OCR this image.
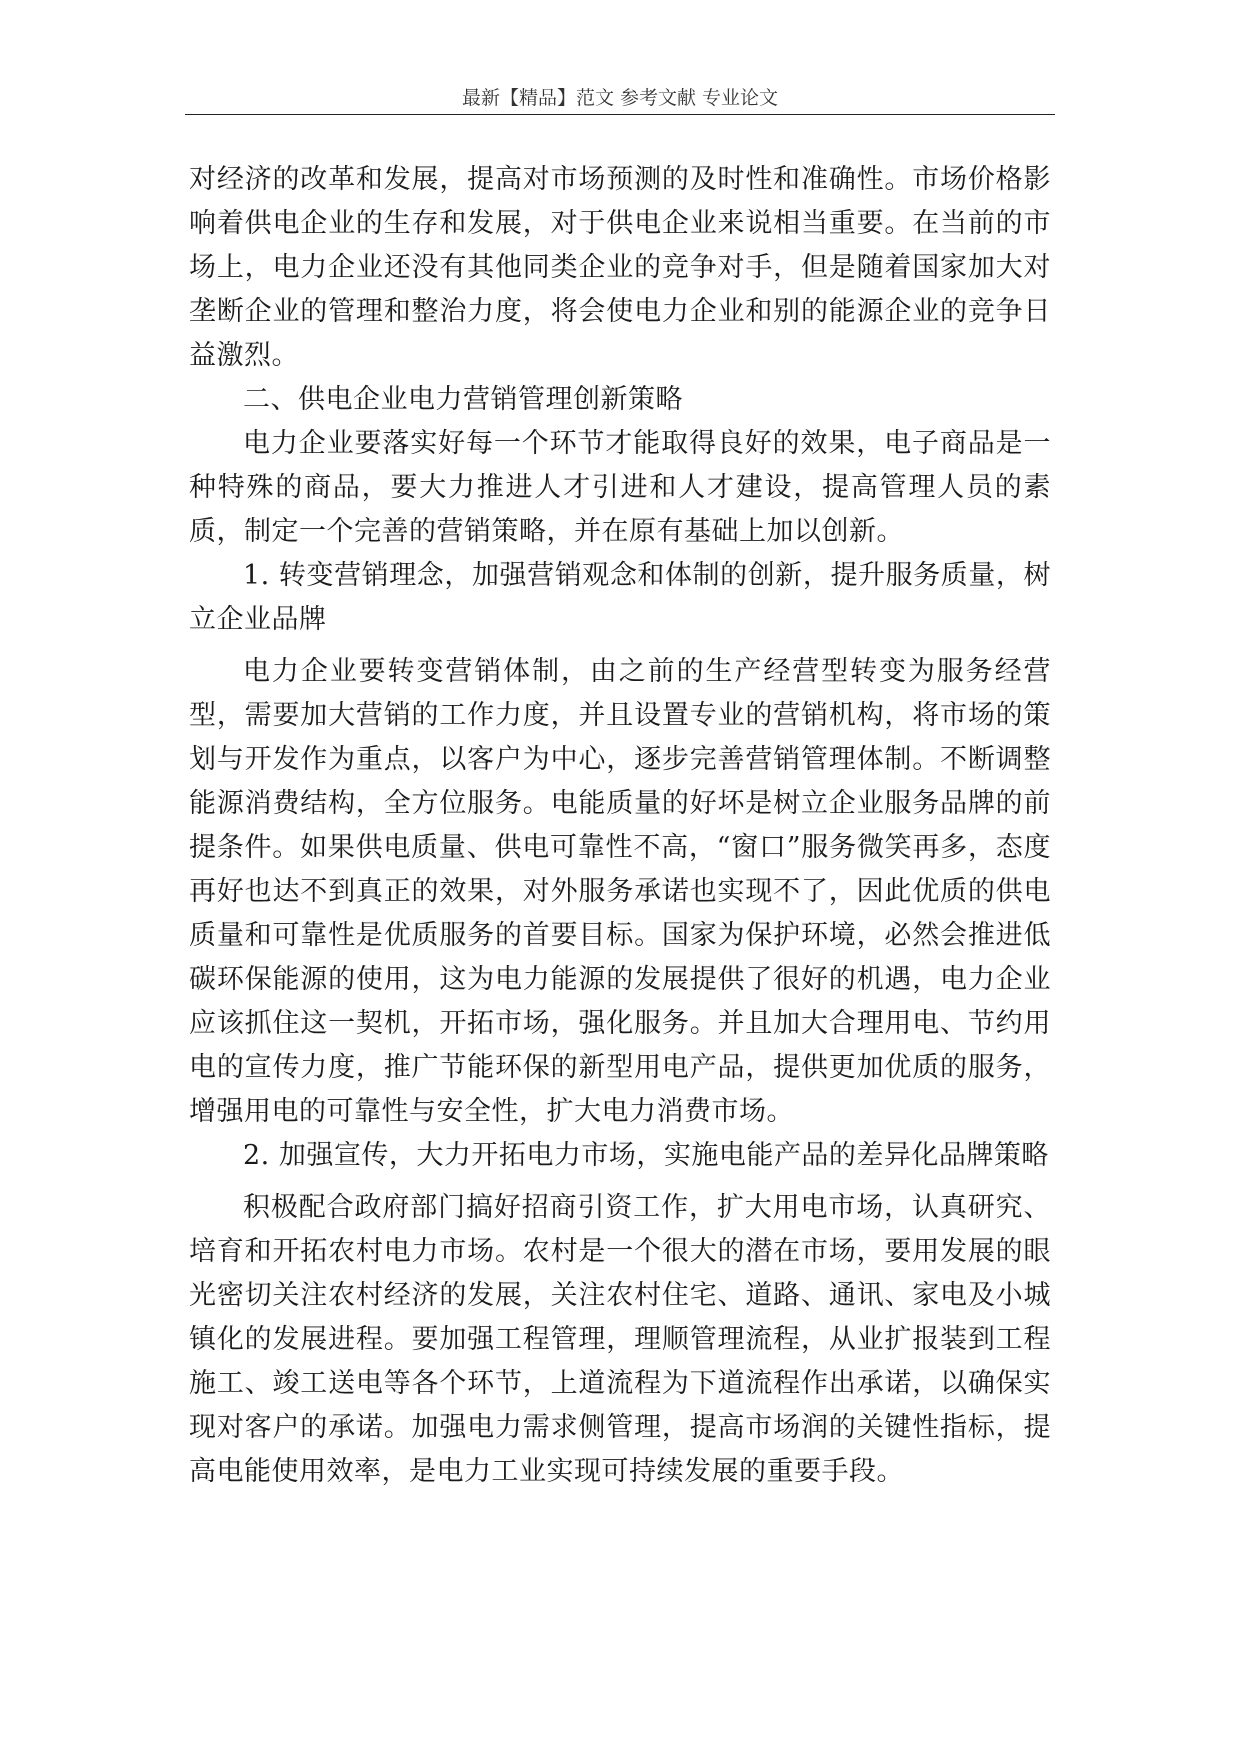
最新【精品】范文 参考文献 专业论文

对经济的改革和发展，提高对市场预测的及时性和准确性。市场价格影响着供电企业的生存和发展，对于供电企业来说相当重要。在当前的市场上，电力企业还没有其他同类企业的竞争对手，但是随着国家加大对垄断企业的管理和整治力度，将会使电力企业和别的能源企业的竞争日益激烈。

二、供电企业电力营销管理创新策略

电力企业要落实好每一个环节才能取得良好的效果，电子商品是一种特殊的商品，要大力推进人才引进和人才建设，提高管理人员的素质，制定一个完善的营销策略，并在原有基础上加以创新。

1. 转变营销理念，加强营销观念和体制的创新，提升服务质量，树立企业品牌

电力企业要转变营销体制，由之前的生产经营型转变为服务经营型，需要加大营销的工作力度，并且设置专业的营销机构，将市场的策划与开发作为重点，以客户为中心，逐步完善营销管理体制。不断调整能源消费结构，全方位服务。电能质量的好坏是树立企业服务品牌的前提条件。如果供电质量、供电可靠性不高，“窗口”服务微笑再多，态度再好也达不到真正的效果，对外服务承诺也实现不了，因此优质的供电质量和可靠性是优质服务的首要目标。国家为保护环境，必然会推进低碳环保能源的使用，这为电力能源的发展提供了很好的机遇，电力企业应该抓住这一契机，开拓市场，强化服务。并且加大合理用电、节约用电的宣传力度，推广节能环保的新型用电产品，提供更加优质的服务，增强用电的可靠性与安全性，扩大电力消费市场。

2. 加强宣传，大力开拓电力市场，实施电能产品的差异化品牌策略

积极配合政府部门搞好招商引资工作，扩大用电市场，认真研究、培育和开拓农村电力市场。农村是一个很大的潜在市场，要用发展的眼光密切关注农村经济的发展，关注农村住宅、道路、通讯、家电及小城镇化的发展进程。要加强工程管理，理顺管理流程，从业扩报装到工程施工、竣工送电等各个环节，上道流程为下道流程作出承诺，以确保实现对客户的承诺。加强电力需求侧管理，提高市场润的关键性指标，提高电能使用效率，是电力工业实现可持续发展的重要手段。
